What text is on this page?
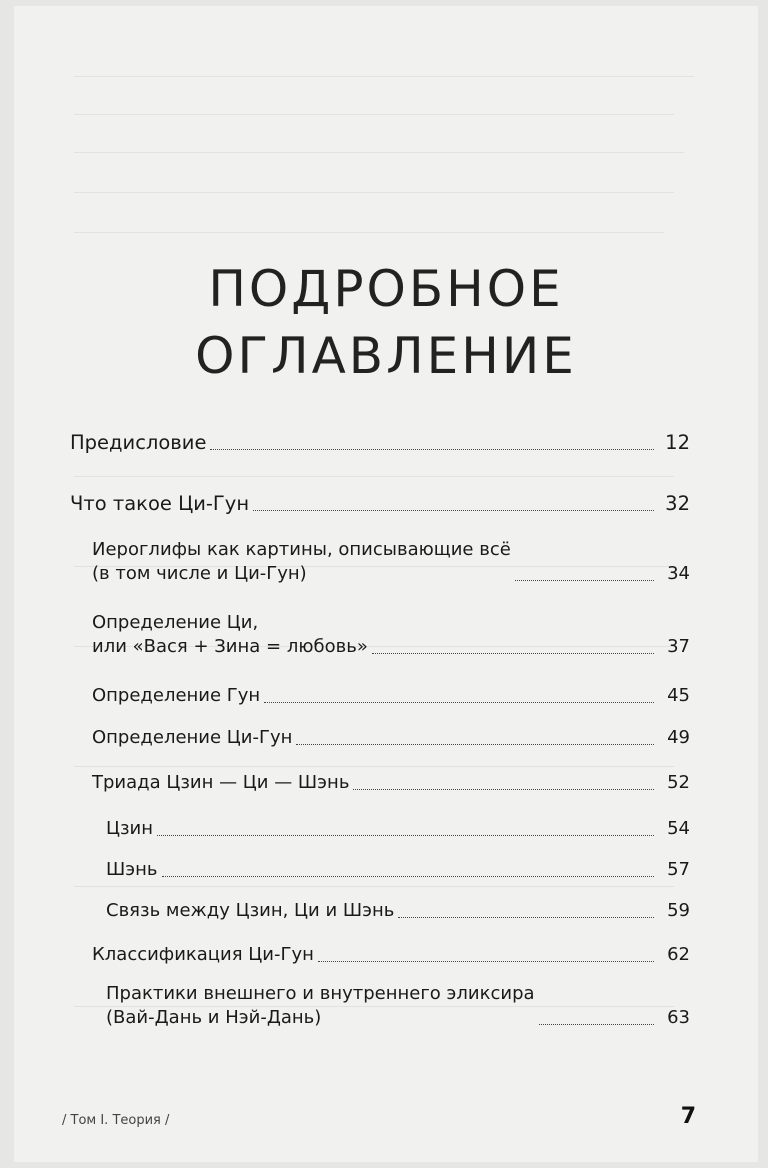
ПОДРОБНОЕ
ОГЛАВЛЕНИЕ
Предисловие	12
Что такое Ци-Гун	32
Иероглифы как картины, описывающие всё
(в том числе и Ци-Гун)	34
Определение Ци,
или «Вася + Зина = любовь»	37
Определение Гун	45
Определение Ци-Гун	49
Триада Цзин — Ци — Шэнь	52
Цзин	54
Шэнь	57
Связь между Цзин, Ци и Шэнь	59
Классификация Ци-Гун	62
Практики внешнего и внутреннего эликсира
(Вай-Дань и Нэй-Дань)	63
/ Том I. Теория /	7
